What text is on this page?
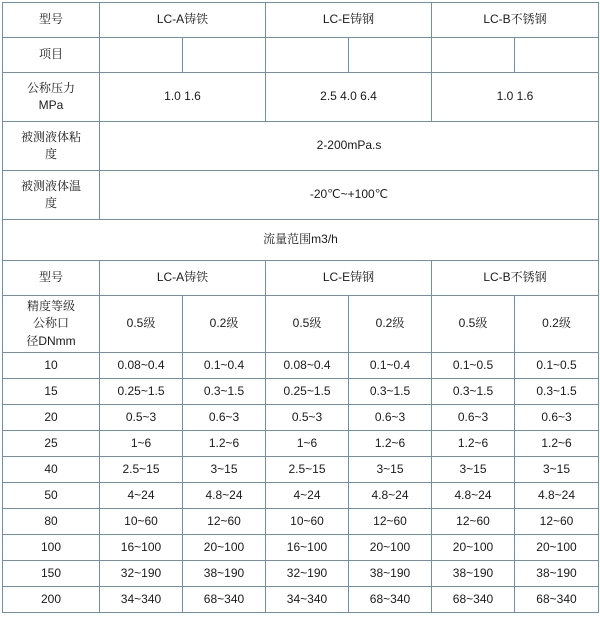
型号	LC-A铸铁		LC-E铸钢		LC-B不锈钢	
项目						

公称压力
MPa	1.0 1.6		2.5 4.0 6.4		1.0 1.6	

被测液体粘
度	2-200mPa.s					

被测液体温
度	-20℃~+100℃					
流量范围m3/h						
型号	LC-A铸铁		LC-E铸钢		LC-B不锈钢	

精度等级
公称口
径DNmm	0.5级	0.2级	0.5级	0.2级	0.5级	0.2级

10	0.08~0.4	0.1~0.4	0.08~0.4	0.1~0.4	0.1~0.5	0.1~0.5
15	0.25~1.5	0.3~1.5	0.25~1.5	0.3~1.5	0.3~1.5	0.3~1.5
20	0.5~3	0.6~3	0.5~3	0.6~3	0.6~3	0.6~3
25	1~6	1.2~6	1~6	1.2~6	1.2~6	1.2~6
40	2.5~15	3~15	2.5~15	3~15	3~15	3~15
50	4~24	4.8~24	4~24	4.8~24	4.8~24	4.8~24
80	10~60	12~60	10~60	12~60	12~60	12~60
100	16~100	20~100	16~100	20~100	20~100	20~100
150	32~190	38~190	32~190	38~190	38~190	38~190
200	34~340	68~340	34~340	68~340	68~340	68~340
